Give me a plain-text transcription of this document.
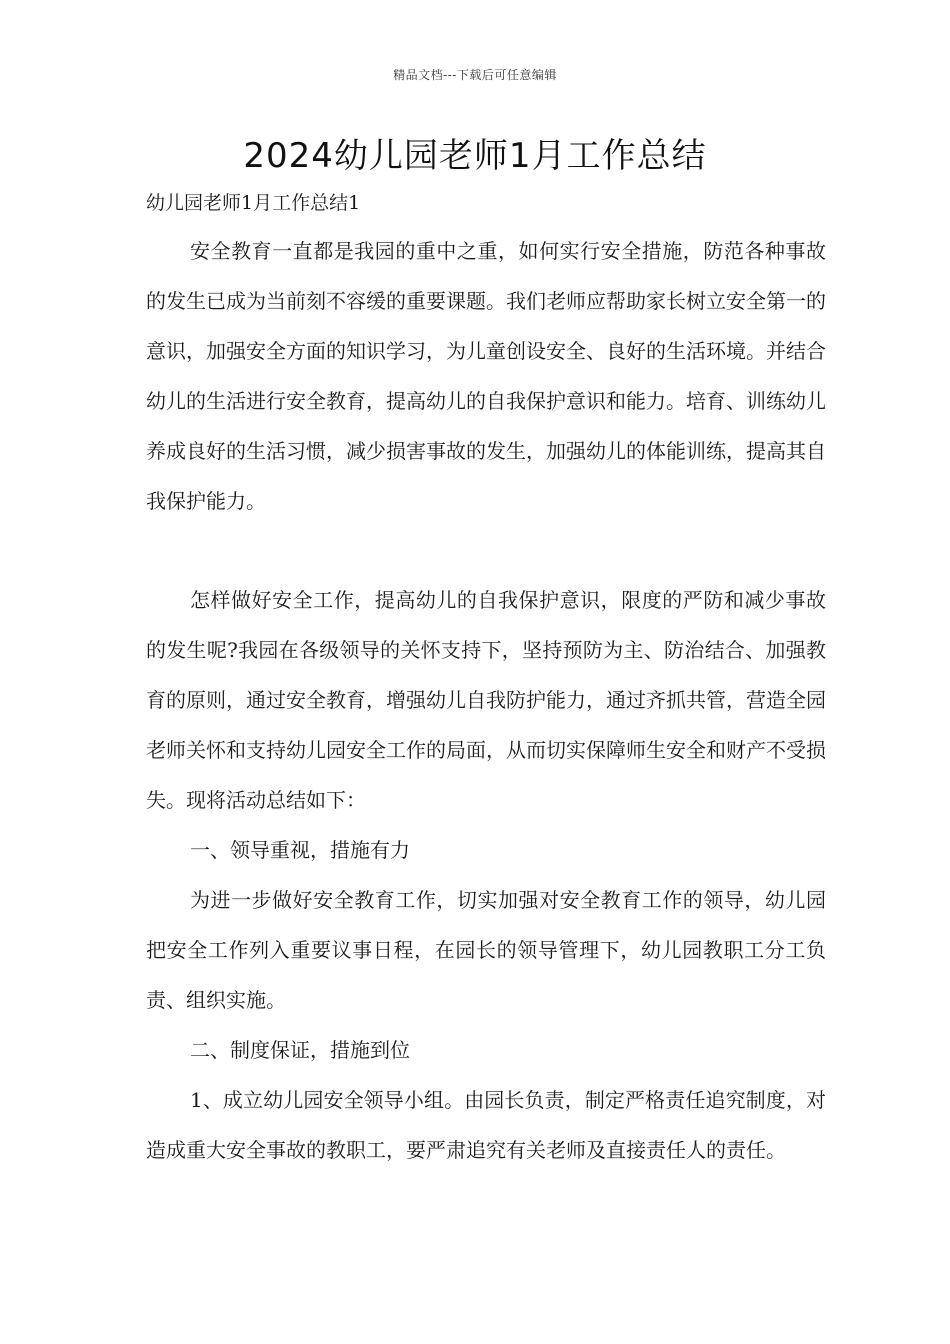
精品文档---下载后可任意编辑
2024幼儿园老师1月工作总结

幼儿园老师1月工作总结1

安全教育一直都是我园的重中之重，如何实行安全措施，防范各种事故的发生已成为当前刻不容缓的重要课题。我们老师应帮助家长树立安全第一的意识，加强安全方面的知识学习，为儿童创设安全、良好的生活环境。并结合幼儿的生活进行安全教育，提高幼儿的自我保护意识和能力。培育、训练幼儿养成良好的生活习惯，减少损害事故的发生，加强幼儿的体能训练，提高其自我保护能力。

怎样做好安全工作，提高幼儿的自我保护意识，限度的严防和减少事故的发生呢?我园在各级领导的关怀支持下，坚持预防为主、防治结合、加强教育的原则，通过安全教育，增强幼儿自我防护能力，通过齐抓共管，营造全园老师关怀和支持幼儿园安全工作的局面，从而切实保障师生安全和财产不受损失。现将活动总结如下：

一、领导重视，措施有力

为进一步做好安全教育工作，切实加强对安全教育工作的领导，幼儿园把安全工作列入重要议事日程，在园长的领导管理下，幼儿园教职工分工负责、组织实施。

二、制度保证，措施到位

1、成立幼儿园安全领导小组。由园长负责，制定严格责任追究制度，对造成重大安全事故的教职工，要严肃追究有关老师及直接责任人的责任。
